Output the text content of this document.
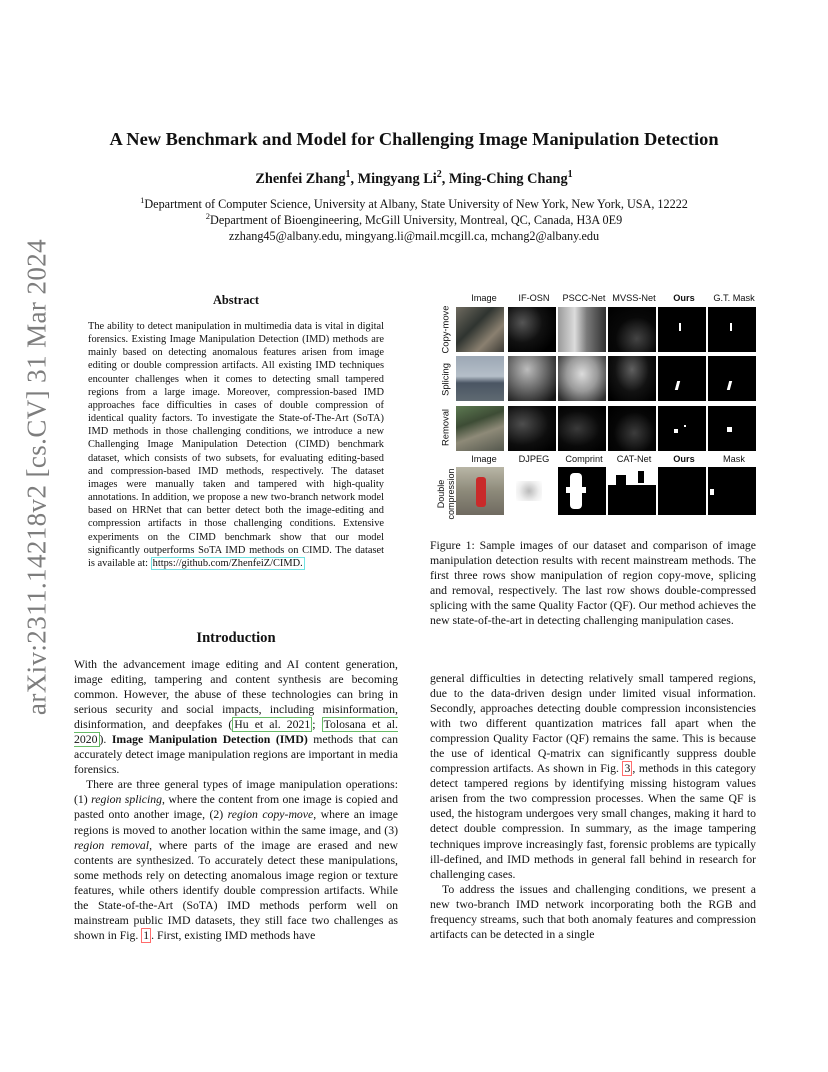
arXiv:2311.14218v2 [cs.CV] 31 Mar 2024
A New Benchmark and Model for Challenging Image Manipulation Detection
Zhenfei Zhang$^1$, Mingyang Li$^2$, Ming-Ching Chang$^1$
$^1$Department of Computer Science, University at Albany, State University of New York, New York, USA, 12222
$^2$Department of Bioengineering, McGill University, Montreal, QC, Canada, H3A 0E9
zzhang45@albany.edu, mingyang.li@mail.mcgill.ca, mchang2@albany.edu
Abstract
The ability to detect manipulation in multimedia data is vital in digital forensics. Existing Image Manipulation Detection (IMD) methods are mainly based on detecting anomalous features arisen from image editing or double compression artifacts. All existing IMD techniques encounter challenges when it comes to detecting small tampered regions from a large image. Moreover, compression-based IMD approaches face difficulties in cases of double compression of identical quality factors. To investigate the State-of-The-Art (SoTA) IMD methods in those challenging conditions, we introduce a new Challenging Image Manipulation Detection (CIMD) benchmark dataset, which consists of two subsets, for evaluating editing-based and compression-based IMD methods, respectively. The dataset images were manually taken and tampered with high-quality annotations. In addition, we propose a new two-branch network model based on HRNet that can better detect both the image-editing and compression artifacts in those challenging conditions. Extensive experiments on the CIMD benchmark show that our model significantly outperforms SoTA IMD methods on CIMD. The dataset is available at: https://github.com/ZhenfeiZ/CIMD.
Introduction

With the advancement image editing and AI content generation, image editing, tampering and content synthesis are becoming common. However, the abuse of these technologies can bring in serious security and social impacts, including misinformation, disinformation, and deepfakes ( Hu et al. 2021 ; Tolosana et al. 2020 ). Image Manipulation Detection (IMD) methods that can accurately detect image manipulation regions are important in media forensics.

There are three general types of image manipulation operations: (1) region splicing, where the content from one image is copied and pasted onto another image, (2) region copy-move, where an image regions is moved to another location within the same image, and (3) region removal, where parts of the image are erased and new contents are synthesized. To accurately detect these manipulations, some methods rely on detecting anomalous image region or texture features, while others identify double compression artifacts. While the State-of-the-Art (SoTA) IMD methods perform well on mainstream public IMD datasets, they still face two challenges as shown in Fig. 1 . First, existing IMD methods have

Image	IF-OSN	PSCC-Net MVSS-Net	Ours	G.T. Mask
Copy-move
Splicing
Removal
Double compression
Image	DJPEG	Comprint	CAT-Net	Ours	Mask
Figure 1: Sample images of our dataset and comparison of image manipulation detection results with recent mainstream methods. The first three rows show manipulation of region copy-move, splicing and removal, respectively. The last row shows double-compressed splicing with the same Quality Factor (QF). Our method achieves the new state-of-the-art in detecting challenging manipulation cases.

general difficulties in detecting relatively small tampered regions, due to the data-driven design under limited visual information. Secondly, approaches detecting double compression inconsistencies with two different quantization matrices fall apart when the compression Quality Factor (QF) remains the same. This is because the use of identical Q-matrix can significantly suppress double compression artifacts. As shown in Fig. 3 , methods in this category detect tampered regions by identifying missing histogram values arisen from the two compression processes. When the same QF is used, the histogram undergoes very small changes, making it hard to detect double compression. In summary, as the image tampering techniques improve increasingly fast, forensic problems are typically ill-defined, and IMD methods in general fall behind in research for challenging cases.

To address the issues and challenging conditions, we present a new two-branch IMD network incorporating both the RGB and frequency streams, such that both anomaly features and compression artifacts can be detected in a single
